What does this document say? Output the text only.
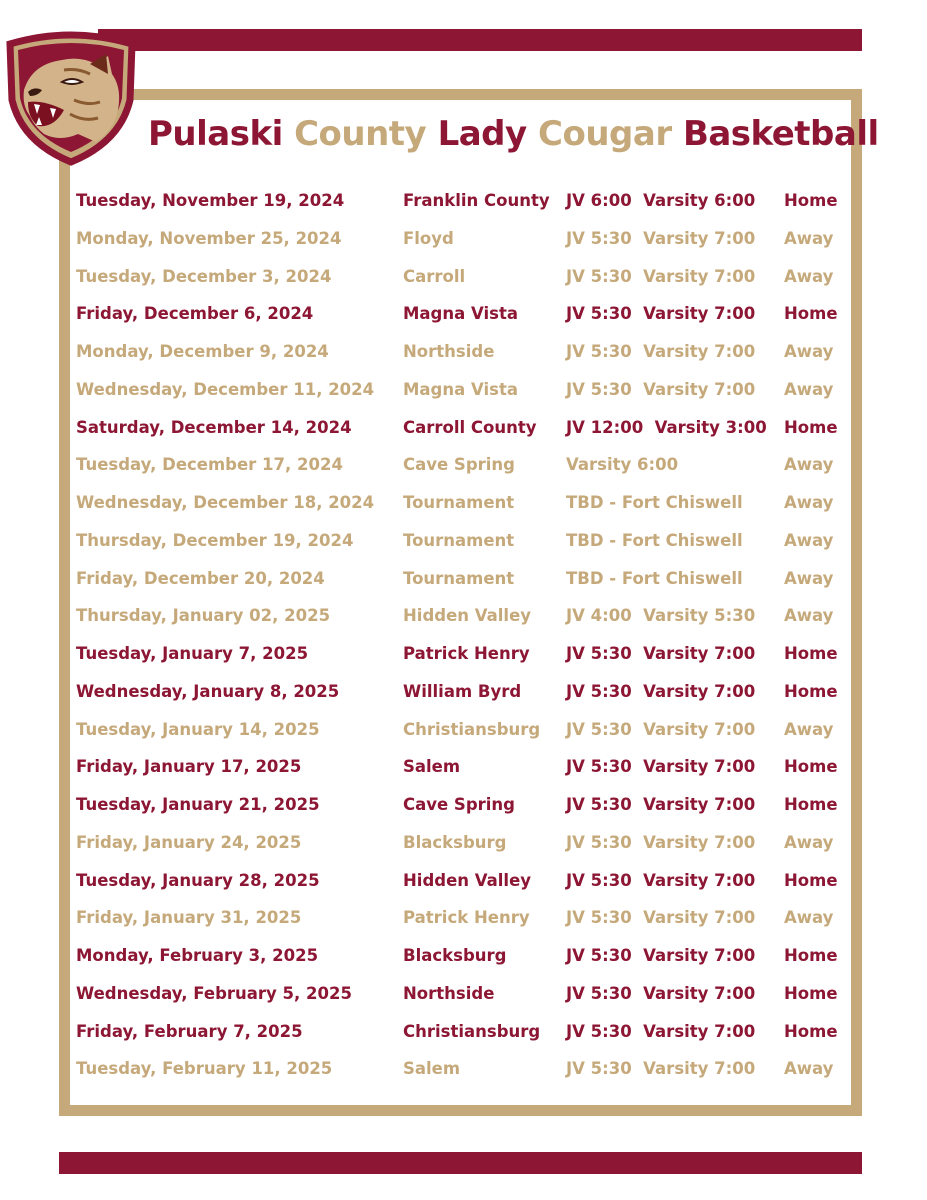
Pulaski County Lady Cougar Basketball
Tuesday, November 19, 2024	Franklin County JV 6:00  Varsity 6:00 Home
Monday, November 25, 2024	Floyd	JV 5:30  Varsity 7:00 Away
Tuesday, December 3, 2024	Carroll	JV 5:30  Varsity 7:00 Away
Friday, December 6, 2024	Magna Vista	JV 5:30  Varsity 7:00 Home
Monday, December 9, 2024	Northside	JV 5:30  Varsity 7:00 Away
Wednesday, December 11, 2024 Magna Vista	JV 5:30  Varsity 7:00 Away
Saturday, December 14, 2024	Carroll County JV 12:00  Varsity 3:00 Home
Tuesday, December 17, 2024	Cave Spring	Varsity 6:00	Away
Wednesday, December 18, 2024 Tournament	TBD - Fort Chiswell	Away
Thursday, December 19, 2024	Tournament	TBD - Fort Chiswell	Away
Friday, December 20, 2024	Tournament	TBD - Fort Chiswell	Away
Thursday, January 02, 2025	Hidden Valley JV 4:00  Varsity 5:30 Away
Tuesday, January 7, 2025	Patrick Henry JV 5:30  Varsity 7:00 Home
Wednesday, January 8, 2025	William Byrd	JV 5:30  Varsity 7:00 Home
Tuesday, January 14, 2025	Christiansburg JV 5:30  Varsity 7:00 Away
Friday, January 17, 2025	Salem	JV 5:30  Varsity 7:00 Home
Tuesday, January 21, 2025	Cave Spring	JV 5:30  Varsity 7:00 Home
Friday, January 24, 2025	Blacksburg	JV 5:30  Varsity 7:00 Away
Tuesday, January 28, 2025	Hidden Valley JV 5:30  Varsity 7:00 Home
Friday, January 31, 2025	Patrick Henry JV 5:30  Varsity 7:00 Away
Monday, February 3, 2025	Blacksburg	JV 5:30  Varsity 7:00 Home
Wednesday, February 5, 2025	Northside	JV 5:30  Varsity 7:00 Home
Friday, February 7, 2025	Christiansburg JV 5:30  Varsity 7:00 Home
Tuesday, February 11, 2025	Salem	JV 5:30  Varsity 7:00 Away
